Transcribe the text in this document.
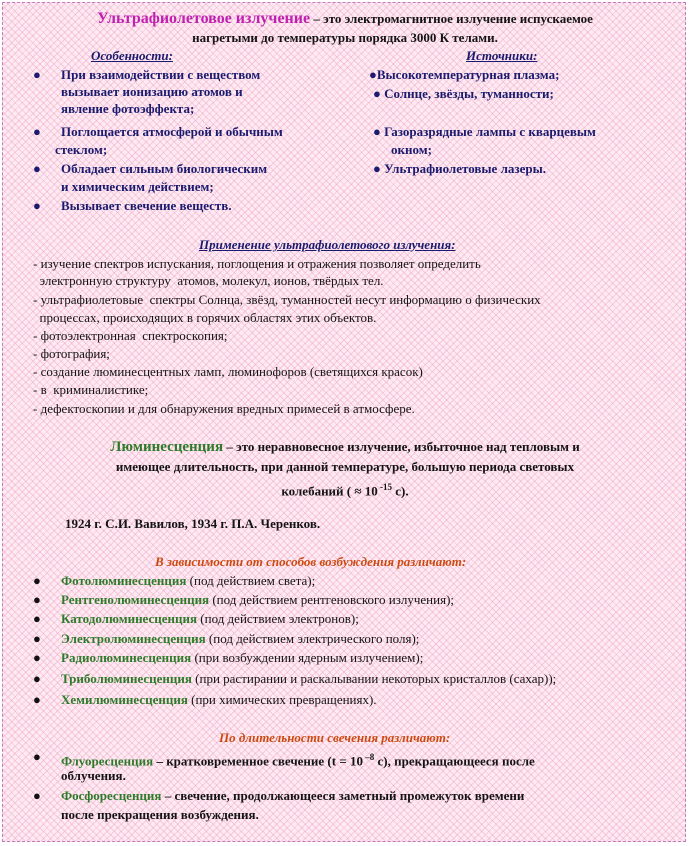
Ультрафиолетовое излучение – это электромагнитное излучение испускаемое
нагретыми до температуры порядка 3000 К телами.
Особенности:	Источники:
● При взаимодействии с веществом
вызывает ионизацию атомов и
явление фотоэффекта;
● Поглощается атмосферой и обычным
стеклом;
● Обладает сильным биологическим
и химическим действием;
● Вызывает свечение веществ.
●Высокотемпературная плазма;
● Солнце, звёзды, туманности;
● Газоразрядные лампы с кварцевым
окном;
● Ультрафиолетовые лазеры.
Применение ультрафиолетового излучения:
- изучение спектров испускания, поглощения и отражения позволяет определить
электронную структуру  атомов, молекул, ионов, твёрдых тел.
- ультрафиолетовые  спектры Солнца, звёзд, туманностей несут информацию о физических
процессах, происходящих в горячих областях этих объектов.
- фотоэлектронная  спектроскопия;
- фотография;
- создание люминесцентных ламп, люминофоров (светящихся красок)
- в  криминалистике;
- дефектоскопии и для обнаружения вредных примесей в атмосфере.
Люминесценция – это неравновесное излучение, избыточное над тепловым и
имеющее длительность, при данной температуре, большую периода световых
колебаний ( ≈ 10 $^{-15}$ с).
1924 г. С.И. Вавилов, 1934 г. П.А. Черенков.
В зависимости от способов возбуждения различают:
● Фотолюминесценция (под действием света);
● Рентгенолюминесценция (под действием рентгеновского излучения);
● Катодолюминесценция (под действием электронов);
● Электролюминесценция (под действием электрического поля);
● Радиолюминесценция (при возбуждении ядерным излучением);
● Триболюминесценция (при растирании и раскалывании некоторых кристаллов (сахар));
● Хемилюминесценция (при химических превращениях).
По длительности свечения различают:
● Флуоресценция – кратковременное свечение (t = 10 $^{-8}$ с), прекращающееся после
облучения.
● Фосфоресценция – свечение, продолжающееся заметный промежуток времени
после прекращения возбуждения.
